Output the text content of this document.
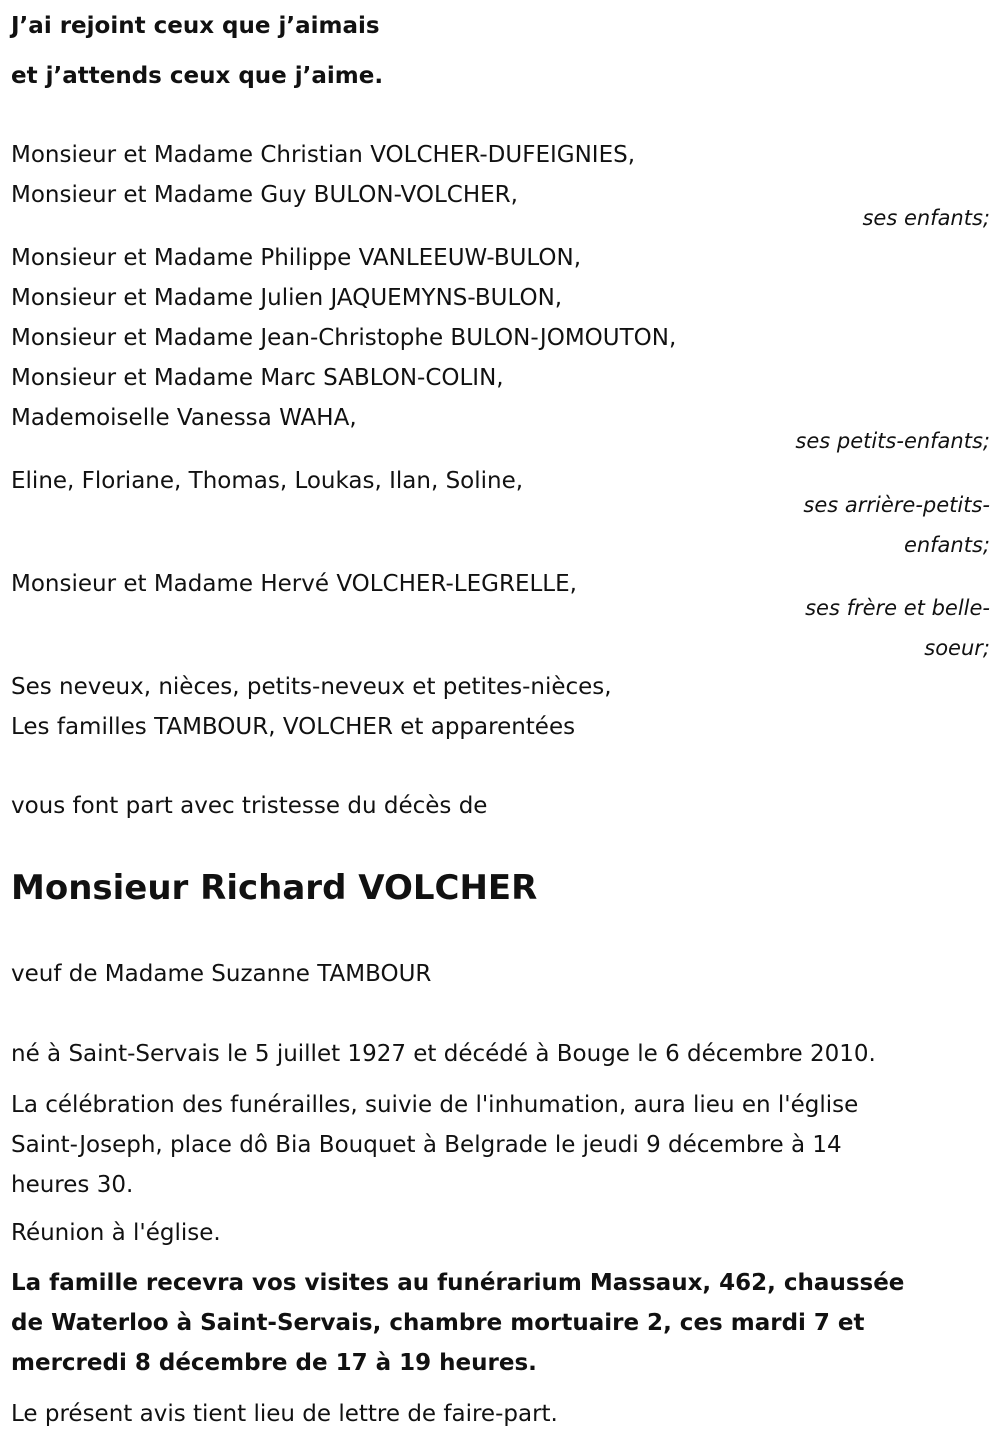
J’ai rejoint ceux que j’aimais
et j’attends ceux que j’aime.
Monsieur et Madame Christian VOLCHER-DUFEIGNIES,
Monsieur et Madame Guy BULON-VOLCHER,
ses enfants;
Monsieur et Madame Philippe VANLEEUW-BULON,
Monsieur et Madame Julien JAQUEMYNS-BULON,
Monsieur et Madame Jean-Christophe BULON-JOMOUTON,
Monsieur et Madame Marc SABLON-COLIN,
Mademoiselle Vanessa WAHA,
ses petits-enfants;
Eline, Floriane, Thomas, Loukas, Ilan, Soline,
ses arrière-petits-
enfants;
Monsieur et Madame Hervé VOLCHER-LEGRELLE,
ses frère et belle-
soeur;
Ses neveux, nièces, petits-neveux et petites-nièces,
Les familles TAMBOUR, VOLCHER et apparentées
vous font part avec tristesse du décès de
Monsieur Richard VOLCHER
veuf de Madame Suzanne TAMBOUR
né à Saint-Servais le 5 juillet 1927 et décédé à Bouge le 6 décembre 2010.
La célébration des funérailles, suivie de l'inhumation, aura lieu en l'église
Saint-Joseph, place dô Bia Bouquet à Belgrade le jeudi 9 décembre à 14
heures 30.
Réunion à l'église.
La famille recevra vos visites au funérarium Massaux, 462, chaussée
de Waterloo à Saint-Servais, chambre mortuaire 2, ces mardi 7 et
mercredi 8 décembre de 17 à 19 heures.
Le présent avis tient lieu de lettre de faire-part.
